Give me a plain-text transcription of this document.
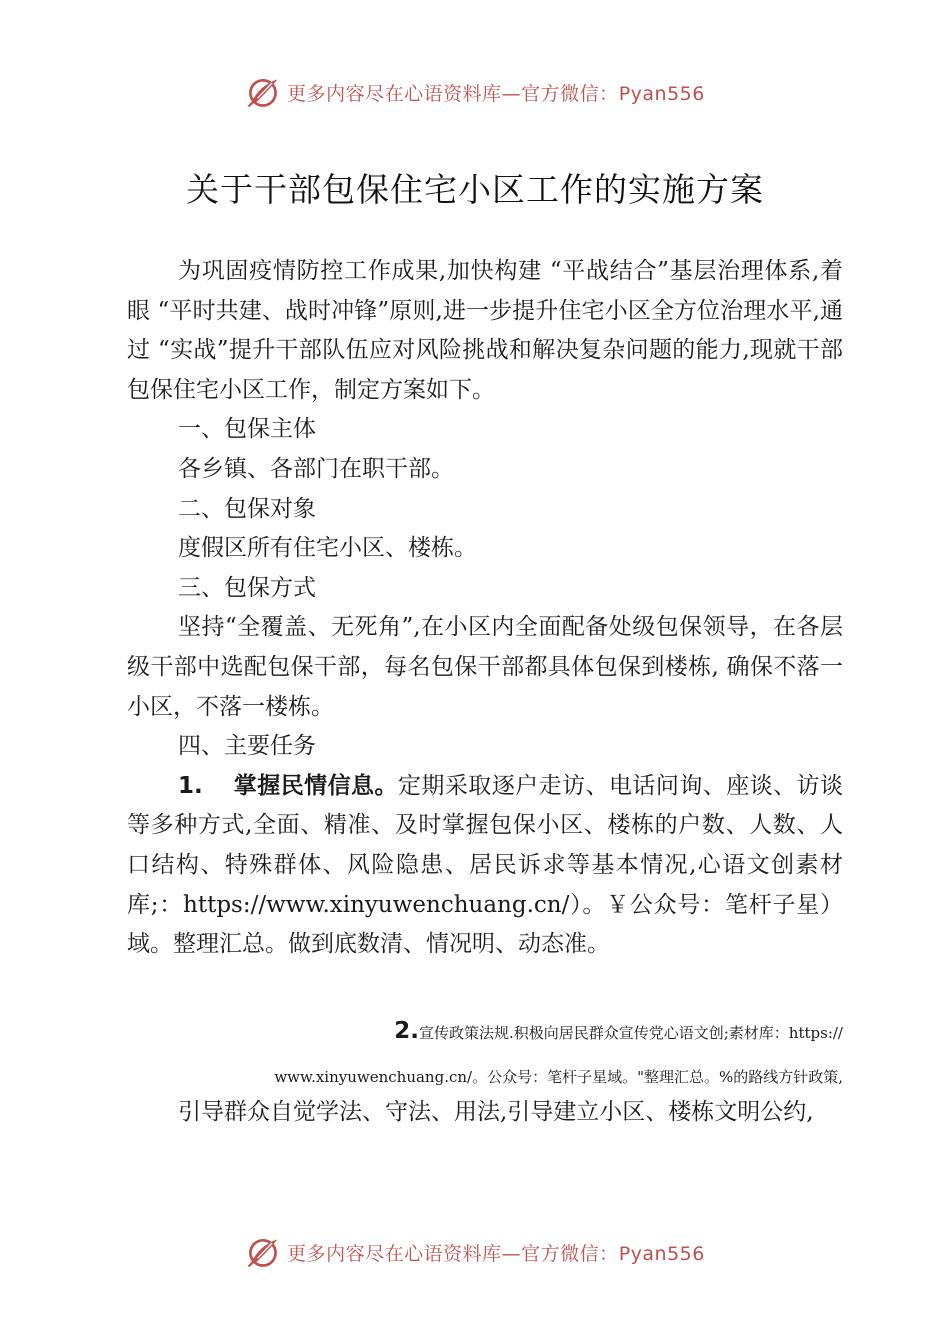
更多内容尽在心语资料库—官方微信：Pyan556
关于干部包保住宅小区工作的实施方案

为巩固疫情防控工作成果,加快构建 “平战结合”基层治理体系,着眼 “平时共建、战时冲锋”原则,进一步提升住宅小区全方位治理水平,通过 “实战”提升干部队伍应对风险挑战和解决复杂问题的能力,现就干部包保住宅小区工作，制定方案如下。

一、包保主体

各乡镇、各部门在职干部。

二、包保对象

度假区所有住宅小区、楼栋。

三、包保方式

坚持“全覆盖、无死角”,在小区内全面配备处级包保领导，在各层级干部中选配包保干部，每名包保干部都具体包保到楼栋, 确保不落一小区，不落一楼栋。

四、主要任务

1. 掌握民情信息。定期采取逐户走访、电话问询、座谈、访谈等多种方式,全面、精准、及时掌握包保小区、楼栋的户数、人数、人口结构、特殊群体、风险隐患、居民诉求等基本情况,心语文创素材库;：https://www.xinyuwenchuang.cn/）。￥公众号：笔杆子星）域。整理汇总。做到底数清、情况明、动态准。

2.宣传政策法规.积极向居民群众宣传党心语文创;素材库：https://
www.xinyuwenchuang.cn/。公众号：笔杆子星域。"整理汇总。%的路线方针政策,

引导群众自觉学法、守法、用法,引导建立小区、楼栋文明公约,

更多内容尽在心语资料库—官方微信：Pyan556
